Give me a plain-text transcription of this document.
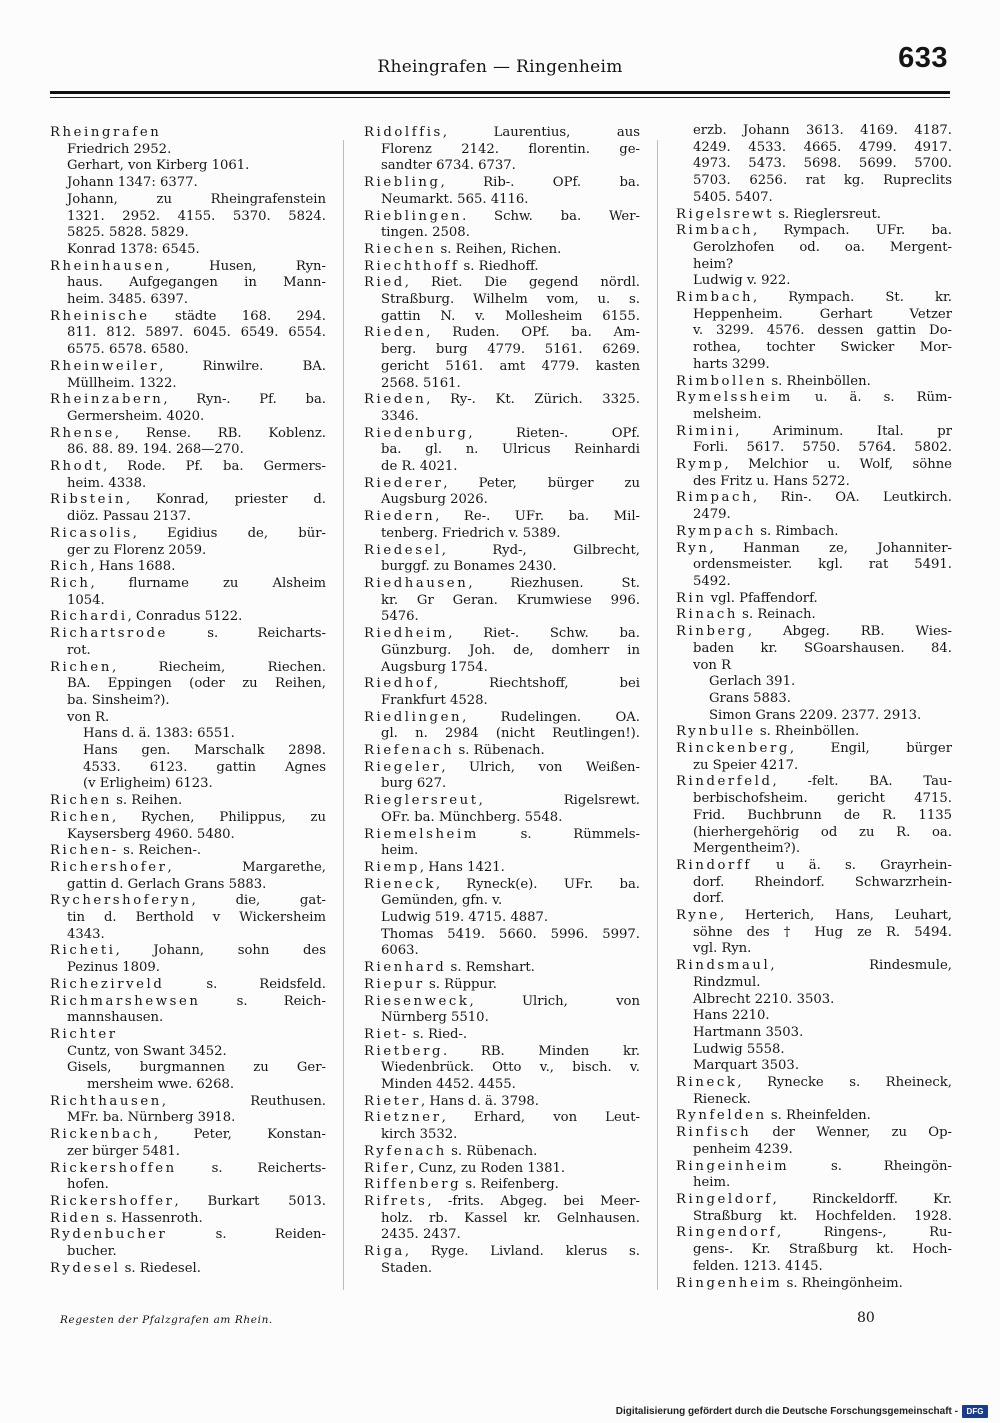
Rheingrafen — Ringenheim	633
Rheingrafen
Friedrich 2952.
Gerhart, von Kirberg 1061.
Johann 1347: 6377.
Johann, zu Rheingrafenstein
1321. 2952. 4155. 5370. 5824.
5825. 5828. 5829.
Konrad 1378: 6545.
Rheinhausen, Husen, Ryn-
haus. Aufgegangen in Mann-
heim. 3485. 6397.
Rheinische städte 168. 294.
811. 812. 5897. 6045. 6549. 6554.
6575. 6578. 6580.
Rheinweiler, Rinwilre. BA.
Müllheim. 1322.
Rheinzabern, Ryn-. Pf. ba.
Germersheim. 4020.
Rhense, Rense. RB. Koblenz.
86. 88. 89. 194. 268—270.
Rhodt, Rode. Pf. ba. Germers-
heim. 4338.
Ribstein, Konrad, priester d.
diöz. Passau 2137.
Ricasolis, Egidius de, bür-
ger zu Florenz 2059.
Rich, Hans 1688.
Rich, flurname zu Alsheim
1054.
Richardi, Conradus 5122.
Richartsrode s. Reicharts-
rot.
Richen, Riecheim, Riechen.
BA. Eppingen (oder zu Reihen,
ba. Sinsheim?).
von R.
Hans d. ä. 1383: 6551.
Hans gen. Marschalk 2898.
4533. 6123. gattin Agnes
(v Erligheim) 6123.
Richen s. Reihen.
Richen, Rychen, Philippus, zu
Kaysersberg 4960. 5480.
Richen- s. Reichen-.
Richershofer, Margarethe,
gattin d. Gerlach Grans 5883.
Rychershoferyn, die, gat-
tin d. Berthold v Wickersheim
4343.
Richeti, Johann, sohn des
Pezinus 1809.
Richezirveld s. Reidsfeld.
Richmarshewsen s. Reich-
mannshausen.
Richter
Cuntz, von Swant 3452.
Gisels, burgmannen zu Ger-
mersheim wwe. 6268.
Richthausen, Reuthusen.
MFr. ba. Nürnberg 3918.
Rickenbach, Peter, Konstan-
zer bürger 5481.
Rickershoffen s. Reicherts-
hofen.
Rickershoffer, Burkart 5013.
Riden s. Hassenroth.
Rydenbucher s. Reiden-
bucher.
Rydesel s. Riedesel.
Ridolffis, Laurentius, aus
Florenz 2142. florentin. ge-
sandter 6734. 6737.
Riebling, Rib-. OPf. ba.
Neumarkt. 565. 4116.
Rieblingen. Schw. ba. Wer-
tingen. 2508.
Riechen s. Reihen, Richen.
Riechthoff s. Riedhoff.
Ried, Riet. Die gegend nördl.
Straßburg. Wilhelm vom, u. s.
gattin N. v. Mollesheim 6155.
Rieden, Ruden. OPf. ba. Am-
berg. burg 4779. 5161. 6269.
gericht 5161. amt 4779. kasten
2568. 5161.
Rieden, Ry-. Kt. Zürich. 3325.
3346.
Riedenburg, Rieten-. OPf.
ba. gl. n. Ulricus Reinhardi
de R. 4021.
Riederer, Peter, bürger zu
Augsburg 2026.
Riedern, Re-. UFr. ba. Mil-
tenberg. Friedrich v. 5389.
Riedesel, Ryd-, Gilbrecht,
burggf. zu Bonames 2430.
Riedhausen, Riezhusen. St.
kr. Gr Geran. Krumwiese 996.
5476.
Riedheim, Riet-. Schw. ba.
Günzburg. Joh. de, domherr in
Augsburg 1754.
Riedhof, Riechtshoff, bei
Frankfurt 4528.
Riedlingen, Rudelingen. OA.
gl. n. 2984 (nicht Reutlingen!).
Riefenach s. Rübenach.
Riegeler, Ulrich, von Weißen-
burg 627.
Rieglersreut, Rigelsrewt.
OFr. ba. Münchberg. 5548.
Riemelsheim s. Rümmels-
heim.
Riemp, Hans 1421.
Rieneck, Ryneck(e). UFr. ba.
Gemünden, gfn. v.
Ludwig 519. 4715. 4887.
Thomas 5419. 5660. 5996. 5997.
6063.
Rienhard s. Remshart.
Riepur s. Rüppur.
Riesenweck, Ulrich, von
Nürnberg 5510.
Riet- s. Ried-.
Rietberg. RB. Minden kr.
Wiedenbrück. Otto v., bisch. v.
Minden 4452. 4455.
Rieter, Hans d. ä. 3798.
Rietzner, Erhard, von Leut-
kirch 3532.
Ryfenach s. Rübenach.
Rifer, Cunz, zu Roden 1381.
Riffenberg s. Reifenberg.
Rifrets, -frits. Abgeg. bei Meer-
holz. rb. Kassel kr. Gelnhausen.
2435. 2437.
Riga, Ryge. Livland. klerus s.
Staden.
erzb. Johann 3613. 4169. 4187.
4249. 4533. 4665. 4799. 4917.
4973. 5473. 5698. 5699. 5700.
5703. 6256. rat kg. Rupreclits
5405. 5407.
Rigelsrewt s. Rieglersreut.
Rimbach, Rympach. UFr. ba.
Gerolzhofen od. oa. Mergent-
heim?
Ludwig v. 922.
Rimbach, Rympach. St. kr.
Heppenheim. Gerhart Vetzer
v. 3299. 4576. dessen gattin Do-
rothea, tochter Swicker Mor-
harts 3299.
Rimbollen s. Rheinböllen.
Rymelssheim u. ä. s. Rüm-
melsheim.
Rimini, Ariminum. Ital. pr
Forli. 5617. 5750. 5764. 5802.
Rymp, Melchior u. Wolf, söhne
des Fritz u. Hans 5272.
Rimpach, Rin-. OA. Leutkirch.
2479.
Rympach s. Rimbach.
Ryn, Hanman ze, Johanniter-
ordensmeister. kgl. rat 5491.
5492.
Rin vgl. Pfaffendorf.
Rinach s. Reinach.
Rinberg, Abgeg. RB. Wies-
baden kr. SGoarshausen. 84.
von R
Gerlach 391.
Grans 5883.
Simon Grans 2209. 2377. 2913.
Rynbulle s. Rheinböllen.
Rinckenberg, Engil, bürger
zu Speier 4217.
Rinderfeld, -felt. BA. Tau-
berbischofsheim. gericht 4715.
Frid. Buchbrunn de R. 1135
(hierhergehörig od zu R. oa.
Mergentheim?).
Rindorff u ä. s. Grayrhein-
dorf. Rheindorf. Schwarzrhein-
dorf.
Ryne, Herterich, Hans, Leuhart,
söhne des † Hug ze R. 5494.
vgl. Ryn.
Rindsmaul, Rindesmule,
Rindzmul.
Albrecht 2210. 3503.
Hans 2210.
Hartmann 3503.
Ludwig 5558.
Marquart 3503.
Rineck, Rynecke s. Rheineck,
Rieneck.
Rynfelden s. Rheinfelden.
Rinfisch der Wenner, zu Op-
penheim 4239.
Ringeinheim s. Rheingön-
heim.
Ringeldorf, Rinckeldorff. Kr.
Straßburg kt. Hochfelden. 1928.
Ringendorf, Ringens-, Ru-
gens-. Kr. Straßburg kt. Hoch-
felden. 1213. 4145.
Ringenheim s. Rheingönheim.
Regesten der Pfalzgrafen am Rhein.	80
Digitalisierung gefördert durch die Deutsche Forschungsgemeinschaft -	DFG
